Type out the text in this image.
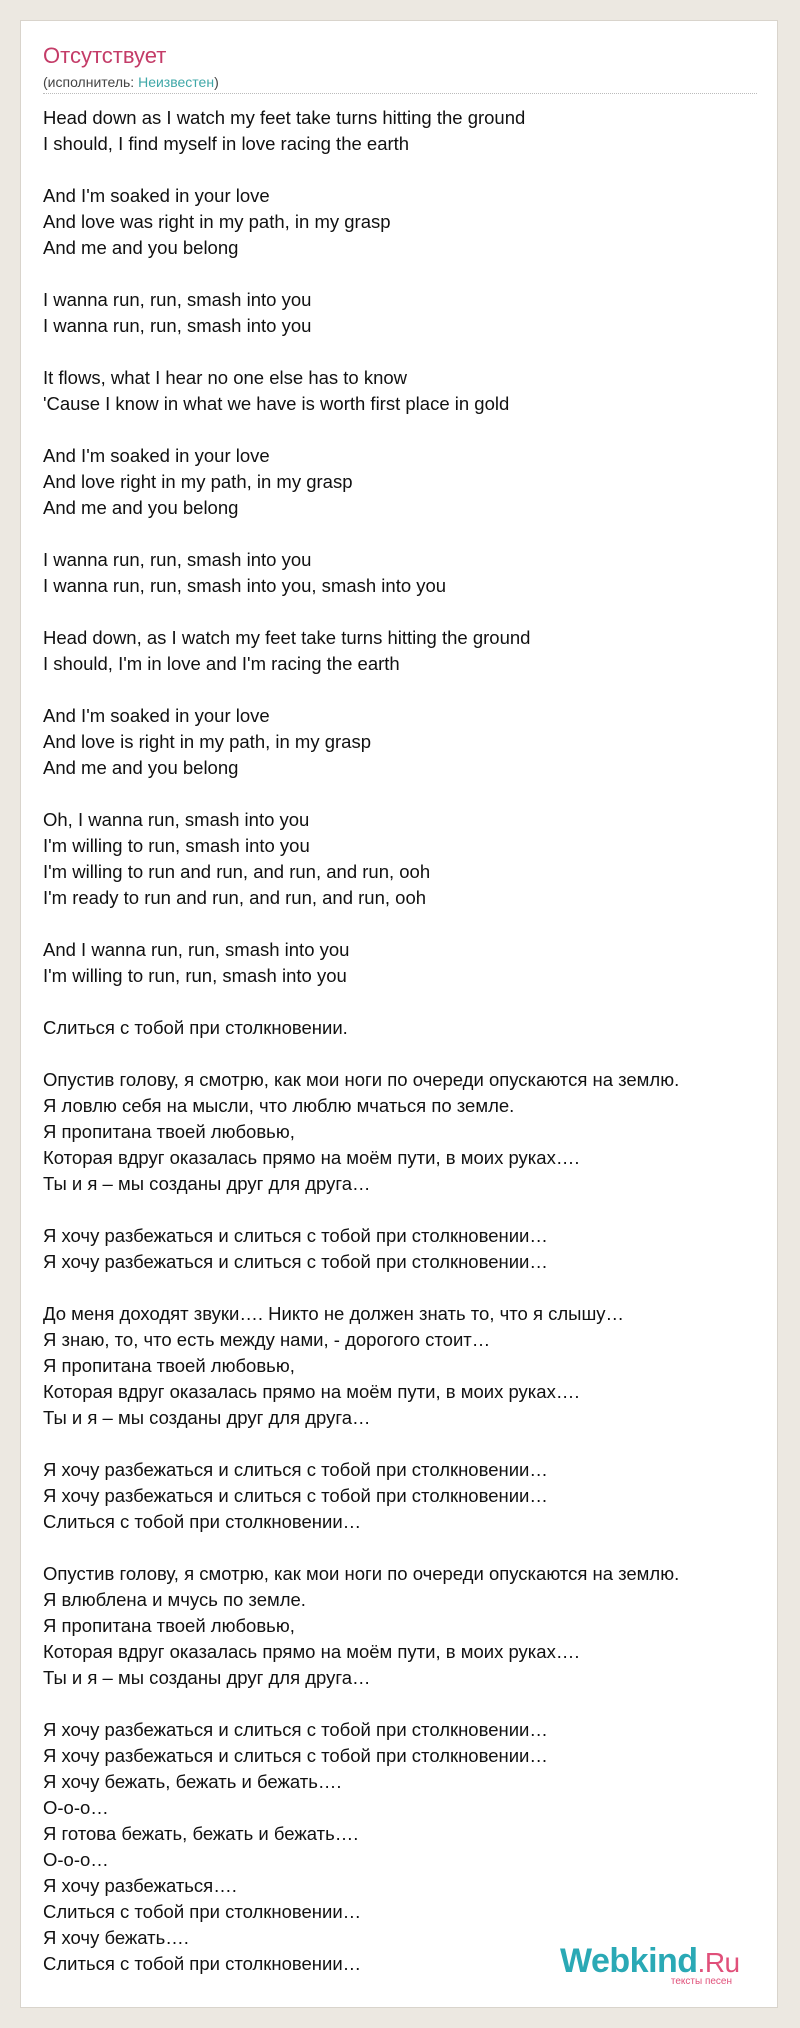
Отсутствует
(исполнитель: Неизвестен)
Head down as I watch my feet take turns hitting the ground
I should, I find myself in love racing the earth
And I'm soaked in your love
And love was right in my path, in my grasp
And me and you belong
I wanna run, run, smash into you
I wanna run, run, smash into you
It flows, what I hear no one else has to know
'Cause I know in what we have is worth first place in gold
And I'm soaked in your love
And love right in my path, in my grasp
And me and you belong
I wanna run, run, smash into you
I wanna run, run, smash into you, smash into you
Head down, as I watch my feet take turns hitting the ground
I should, I'm in love and I'm racing the earth
And I'm soaked in your love
And love is right in my path, in my grasp
And me and you belong
Oh, I wanna run, smash into you
I'm willing to run, smash into you
I'm willing to run and run, and run, and run, ooh
I'm ready to run and run, and run, and run, ooh
And I wanna run, run, smash into you
I'm willing to run, run, smash into you
Слиться с тобой при столкновении.
Опустив голову, я смотрю, как мои ноги по очереди опускаются на землю.
Я ловлю себя на мысли, что люблю мчаться по земле.
Я пропитана твоей любовью,
Которая вдруг оказалась прямо на моём пути, в моих руках….
Ты и я – мы созданы друг для друга…
Я хочу разбежаться и слиться с тобой при столкновении…
Я хочу разбежаться и слиться с тобой при столкновении…
До меня доходят звуки…. Никто не должен знать то, что я слышу…
Я знаю, то, что есть между нами, - дорогого стоит…
Я пропитана твоей любовью,
Которая вдруг оказалась прямо на моём пути, в моих руках….
Ты и я – мы созданы друг для друга…
Я хочу разбежаться и слиться с тобой при столкновении…
Я хочу разбежаться и слиться с тобой при столкновении…
Слиться с тобой при столкновении…
Опустив голову, я смотрю, как мои ноги по очереди опускаются на землю.
Я влюблена и мчусь по земле.
Я пропитана твоей любовью,
Которая вдруг оказалась прямо на моём пути, в моих руках….
Ты и я – мы созданы друг для друга…
Я хочу разбежаться и слиться с тобой при столкновении…
Я хочу разбежаться и слиться с тобой при столкновении…
Я хочу бежать, бежать и бежать….
О-о-о…
Я готова бежать, бежать и бежать….
О-о-о…
Я хочу разбежаться….
Слиться с тобой при столкновении…
Я хочу бежать….
Слиться с тобой при столкновении…	Webkind.Ru
тексты песен
